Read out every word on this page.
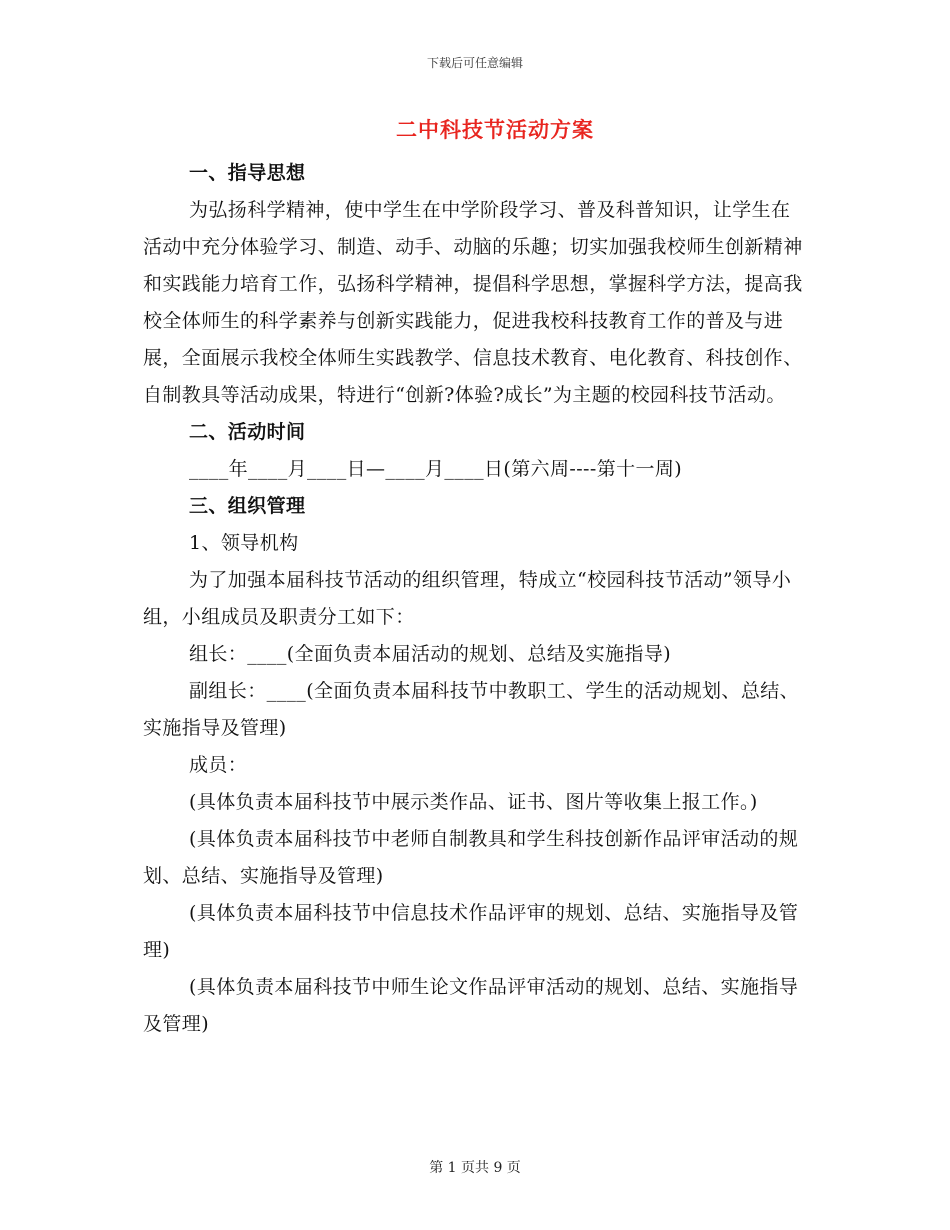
下载后可任意编辑
二中科技节活动方案

一、指导思想

为弘扬科学精神，使中学生在中学阶段学习、普及科普知识，让学生在活动中充分体验学习、制造、动手、动脑的乐趣；切实加强我校师生创新精神和实践能力培育工作，弘扬科学精神，提倡科学思想，掌握科学方法，提高我校全体师生的科学素养与创新实践能力，促进我校科技教育工作的普及与进展，全面展示我校全体师生实践教学、信息技术教育、电化教育、科技创作、自制教具等活动成果，特进行“创新?体验?成长”为主题的校园科技节活动。

二、活动时间

____年____月____日—____月____日(第六周----第十一周)

三、组织管理

1、领导机构

为了加强本届科技节活动的组织管理，特成立“校园科技节活动”领导小组，小组成员及职责分工如下：

组长：____(全面负责本届活动的规划、总结及实施指导)

副组长：____(全面负责本届科技节中教职工、学生的活动规划、总结、实施指导及管理)

成员：

(具体负责本届科技节中展示类作品、证书、图片等收集上报工作。)

(具体负责本届科技节中老师自制教具和学生科技创新作品评审活动的规划、总结、实施指导及管理)

(具体负责本届科技节中信息技术作品评审的规划、总结、实施指导及管理)

(具体负责本届科技节中师生论文作品评审活动的规划、总结、实施指导及管理)

第 1 页共 9 页
